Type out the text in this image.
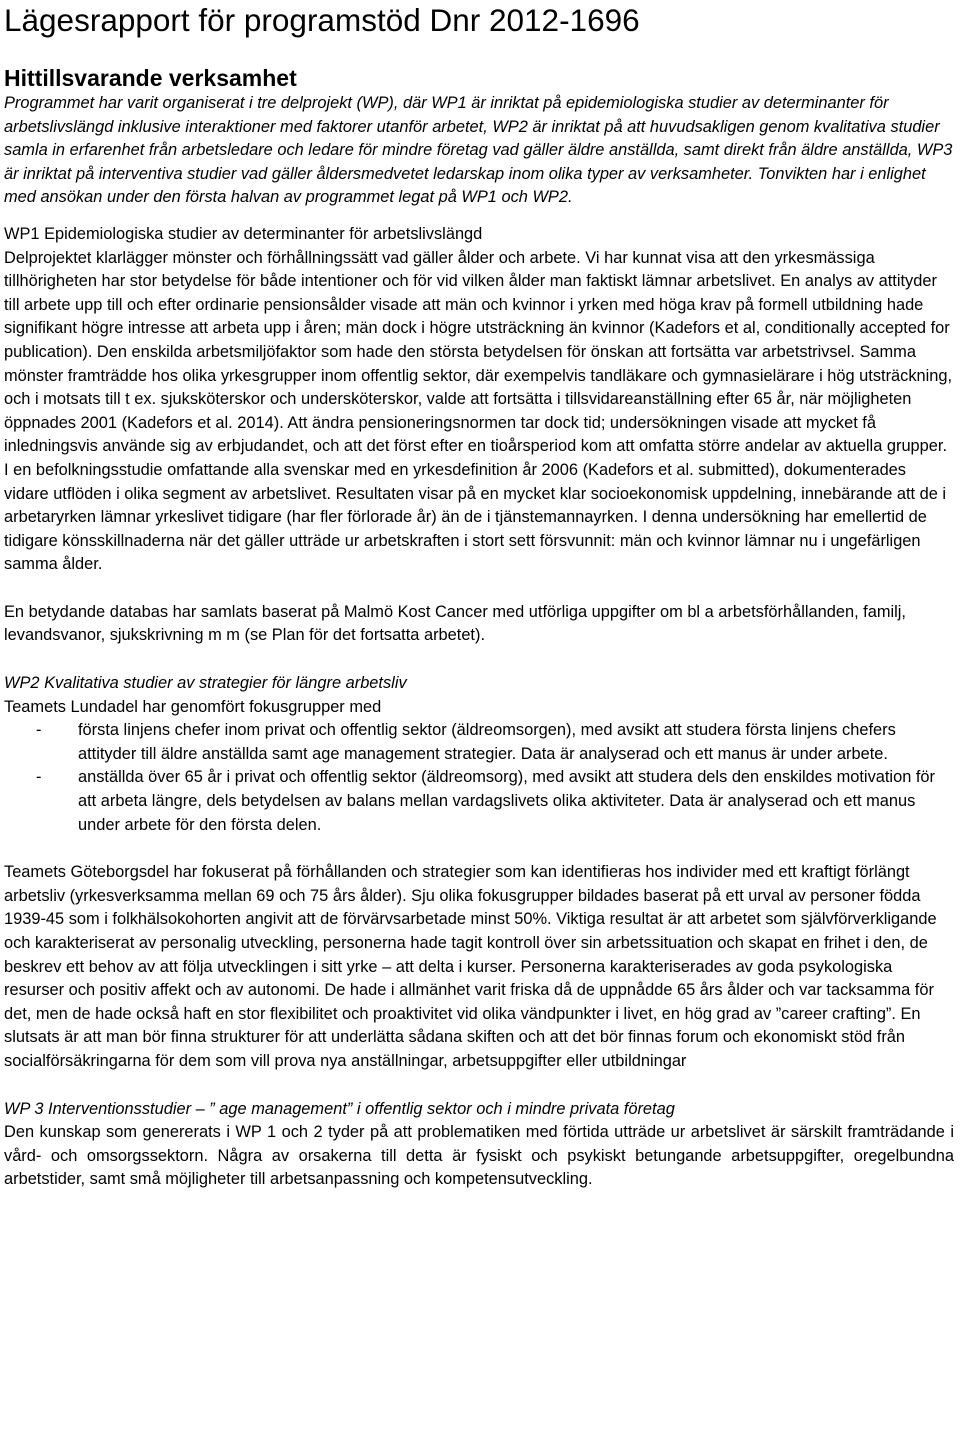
Lägesrapport för programstöd Dnr 2012-1696
Hittillsvarande verksamhet

Programmet har varit organiserat i tre delprojekt (WP), där WP1 är inriktat på epidemiologiska studier av determinanter för arbetslivslängd inklusive interaktioner med faktorer utanför arbetet, WP2 är inriktat på att huvudsakligen genom kvalitativa studier samla in erfarenhet från arbetsledare och ledare för mindre företag vad gäller äldre anställda, samt direkt från äldre anställda, WP3 är inriktat på interventiva studier vad gäller åldersmedvetet ledarskap inom olika typer av verksamheter. Tonvikten har i enlighet med ansökan under den första halvan av programmet legat på WP1 och WP2.

WP1 Epidemiologiska studier av determinanter för arbetslivslängd

Delprojektet klarlägger mönster och förhållningssätt vad gäller ålder och arbete. Vi har kunnat visa att den yrkesmässiga tillhörigheten har stor betydelse för både intentioner och för vid vilken ålder man faktiskt lämnar arbetslivet. En analys av attityder till arbete upp till och efter ordinarie pensionsålder visade att män och kvinnor i yrken med höga krav på formell utbildning hade signifikant högre intresse att arbeta upp i åren; män dock i högre utsträckning än kvinnor (Kadefors et al, conditionally accepted for publication). Den enskilda arbetsmiljöfaktor som hade den största betydelsen för önskan att fortsätta var arbetstrivsel. Samma mönster framträdde hos olika yrkesgrupper inom offentlig sektor, där exempelvis tandläkare och gymnasielärare i hög utsträckning, och i motsats till t ex. sjuksköterskor och undersköterskor, valde att fortsätta i tillsvidareanställning efter 65 år, när möjligheten öppnades 2001 (Kadefors et al. 2014). Att ändra pensioneringsnormen tar dock tid; undersökningen visade att mycket få inledningsvis använde sig av erbjudandet, och att det först efter en tioårsperiod kom att omfatta större andelar av aktuella grupper. I en befolkningsstudie omfattande alla svenskar med en yrkesdefinition år 2006 (Kadefors et al. submitted), dokumenterades vidare utflöden i olika segment av arbetslivet. Resultaten visar på en mycket klar socioekonomisk uppdelning, innebärande att de i arbetaryrken lämnar yrkeslivet tidigare (har fler förlorade år) än de i tjänstemannayrken. I denna undersökning har emellertid de tidigare könsskillnaderna när det gäller utträde ur arbetskraften i stort sett försvunnit: män och kvinnor lämnar nu i ungefärligen samma ålder.

En betydande databas har samlats baserat på Malmö Kost Cancer med utförliga uppgifter om bl a arbetsförhållanden, familj, levandsvanor, sjukskrivning m m (se Plan för det fortsatta arbetet).

WP2 Kvalitativa studier av strategier för längre arbetsliv

Teamets Lundadel har genomfört fokusgrupper med

-	första linjens chefer inom privat och offentlig sektor (äldreomsorgen), med avsikt att studera första linjens chefers attityder till äldre anställda samt age management strategier. Data är analyserad och ett manus är under arbete.
-	anställda över 65 år i privat och offentlig sektor (äldreomsorg), med avsikt att studera dels den enskildes motivation för att arbeta längre, dels betydelsen av balans mellan vardagslivets olika aktiviteter. Data är analyserad och ett manus under arbete för den första delen.

Teamets Göteborgsdel har fokuserat på förhållanden och strategier som kan identifieras hos individer med ett kraftigt förlängt arbetsliv (yrkesverksamma mellan 69 och 75 års ålder). Sju olika fokusgrupper bildades baserat på ett urval av personer födda 1939-45 som i folkhälsokohorten angivit att de förvärvsarbetade minst 50%. Viktiga resultat är att arbetet som självförverkligande och karakteriserat av personalig utveckling, personerna hade tagit kontroll över sin arbetssituation och skapat en frihet i den, de beskrev ett behov av att följa utvecklingen i sitt yrke – att delta i kurser. Personerna karakteriserades av goda psykologiska resurser och positiv affekt och av autonomi. De hade i allmänhet varit friska då de uppnådde 65 års ålder och var tacksamma för det, men de hade också haft en stor flexibilitet och proaktivitet vid olika vändpunkter i livet, en hög grad av ”career crafting”. En slutsats är att man bör finna strukturer för att underlätta sådana skiften och att det bör finnas forum och ekonomiskt stöd från socialförsäkringarna för dem som vill prova nya anställningar, arbetsuppgifter eller utbildningar

WP 3 Interventionsstudier – ” age management” i offentlig sektor och i mindre privata företag

Den kunskap som genererats i WP 1 och 2 tyder på att problematiken med förtida utträde ur arbetslivet är särskilt framträdande i vård- och omsorgssektorn. Några av orsakerna till detta är fysiskt och psykiskt betungande arbetsuppgifter, oregelbundna arbetstider, samt små möjligheter till arbetsanpassning och kompetensutveckling.
